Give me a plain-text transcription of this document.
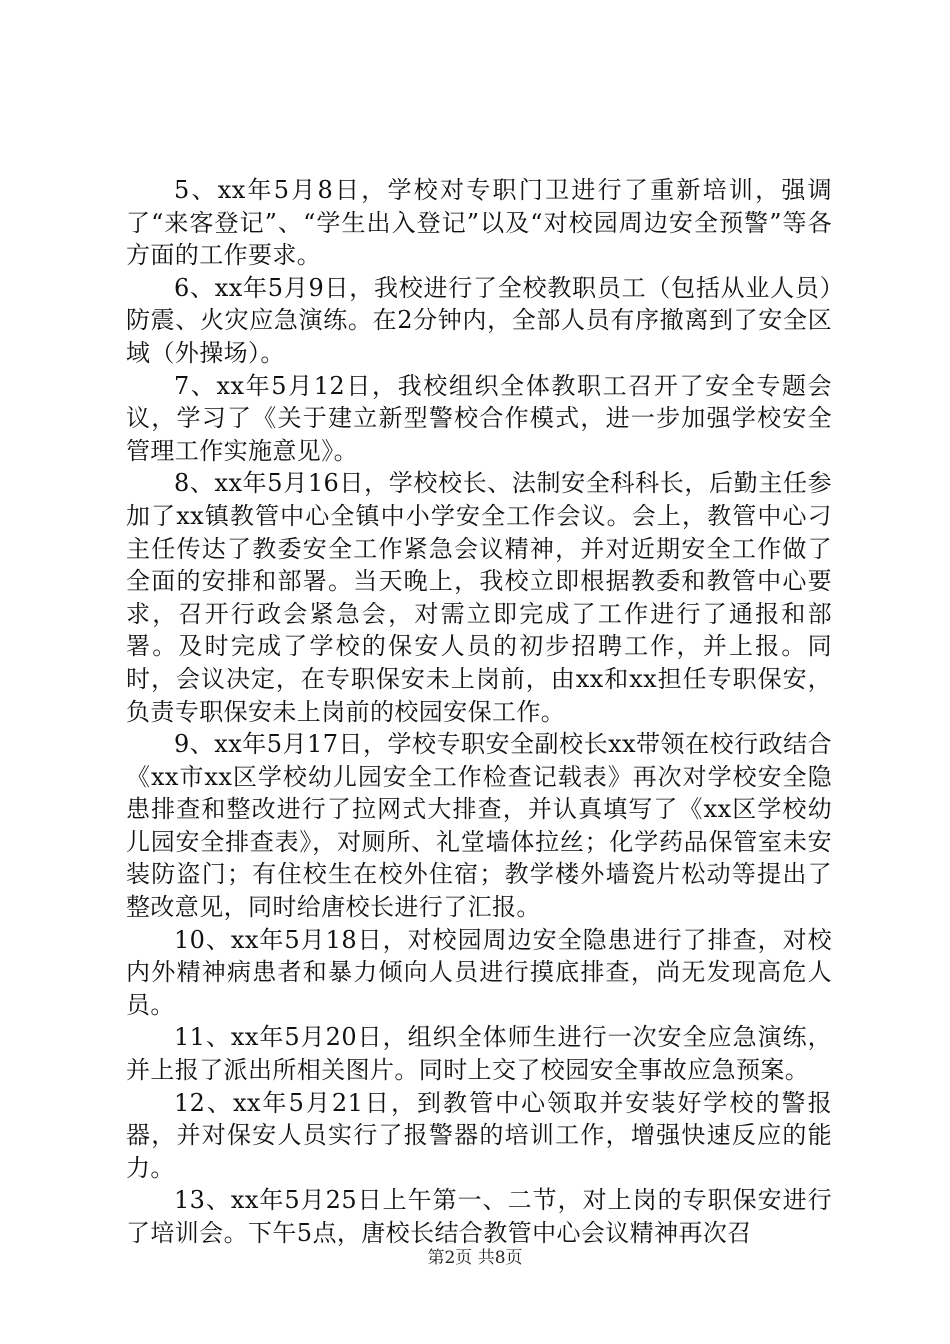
5、xx年5月8日，学校对专职门卫进行了重新培训，强调了“来客登记”、“学生出入登记”以及“对校园周边安全预警”等各方面的工作要求。

6、xx年5月9日，我校进行了全校教职员工（包括从业人员）防震、火灾应急演练。在2分钟内，全部人员有序撤离到了安全区域（外操场）。

7、xx年5月12日，我校组织全体教职工召开了安全专题会议，学习了《关于建立新型警校合作模式，进一步加强学校安全管理工作实施意见》。

8、xx年5月16日，学校校长、法制安全科科长，后勤主任参加了xx镇教管中心全镇中小学安全工作会议。会上，教管中心刁主任传达了教委安全工作紧急会议精神，并对近期安全工作做了全面的安排和部署。当天晚上，我校立即根据教委和教管中心要求，召开行政会紧急会，对需立即完成了工作进行了通报和部署。及时完成了学校的保安人员的初步招聘工作，并上报。同时，会议决定，在专职保安未上岗前，由xx和xx担任专职保安，负责专职保安未上岗前的校园安保工作。

9、xx年5月17日，学校专职安全副校长xx带领在校行政结合《xx市xx区学校幼儿园安全工作检查记载表》再次对学校安全隐患排查和整改进行了拉网式大排查，并认真填写了《xx区学校幼儿园安全排查表》，对厕所、礼堂墙体拉丝；化学药品保管室未安装防盗门；有住校生在校外住宿；教学楼外墙瓷片松动等提出了整改意见，同时给唐校长进行了汇报。

10、xx年5月18日，对校园周边安全隐患进行了排查，对校内外精神病患者和暴力倾向人员进行摸底排查，尚无发现高危人员。

11、xx年5月20日，组织全体师生进行一次安全应急演练，并上报了派出所相关图片。同时上交了校园安全事故应急预案。

12、xx年5月21日，到教管中心领取并安装好学校的警报器，并对保安人员实行了报警器的培训工作，增强快速反应的能力。

13、xx年5月25日上午第一、二节，对上岗的专职保安进行了培训会。下午5点，唐校长结合教管中心会议精神再次召

第2页 共8页
